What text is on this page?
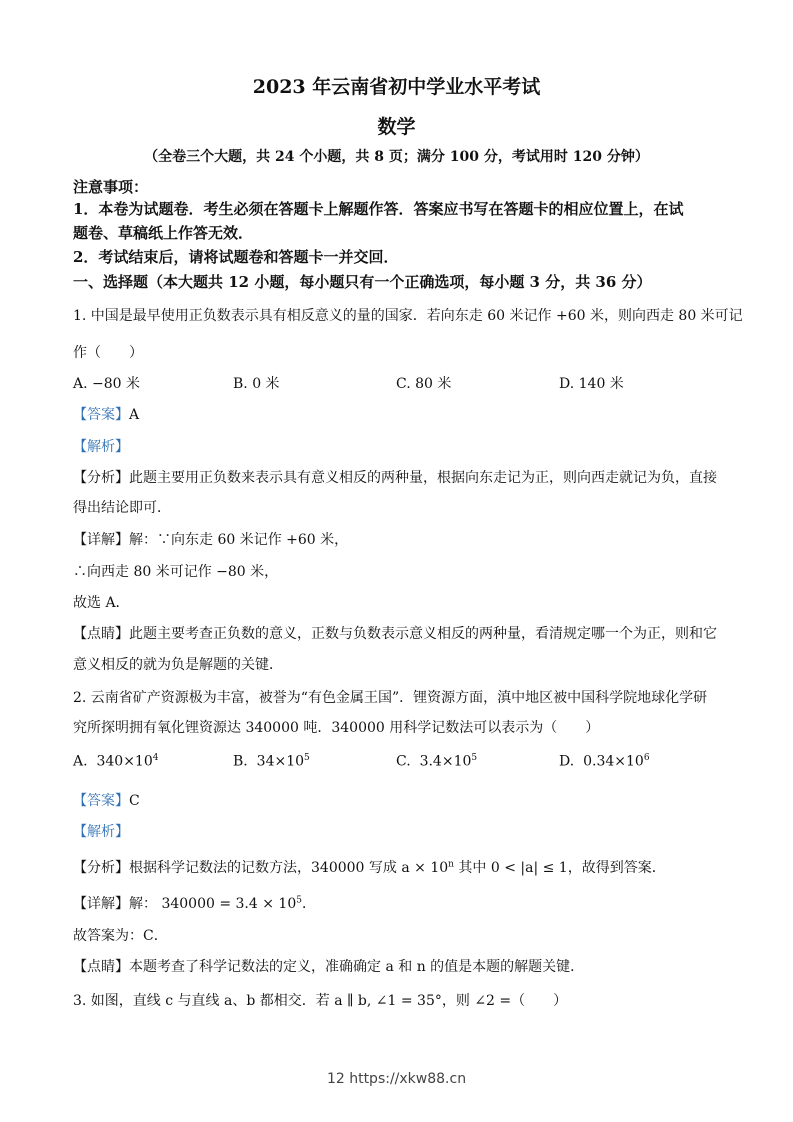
2023 年云南省初中学业水平考试
数学
（全卷三个大题，共 24 个小题，共 8 页；满分 100 分，考试用时 120 分钟）
注意事项：
1．本卷为试题卷．考生必须在答题卡上解题作答．答案应书写在答题卡的相应位置上，在试
题卷、草稿纸上作答无效．
2．考试结束后，请将试题卷和答题卡一并交回．
一、选择题（本大题共 12 小题，每小题只有一个正确选项，每小题 3 分，共 36 分）
1. 中国是最早使用正负数表示具有相反意义的量的国家．若向东走 60 米记作 +60 米，则向西走 80 米可记
作（　　）
A. −80 米	B. 0 米	C. 80 米	D. 140 米
【答案】A
【解析】
【分析】此题主要用正负数来表示具有意义相反的两种量，根据向东走记为正，则向西走就记为负，直接
得出结论即可．
【详解】解：∵向东走 60 米记作 +60 米，
∴向西走 80 米可记作 −80 米，
故选 A．
【点睛】此题主要考查正负数的意义，正数与负数表示意义相反的两种量，看清规定哪一个为正，则和它
意义相反的就为负是解题的关键．
2. 云南省矿产资源极为丰富，被誉为“有色金属王国”．锂资源方面，滇中地区被中国科学院地球化学研
究所探明拥有氧化锂资源达 340000 吨．340000 用科学记数法可以表示为（　　）
A. $340\times 10^4$	B. $34\times 10^5$	C. $3.4\times 10^5$	D. $0.34\times 10^6$
【答案】C
【解析】
【分析】根据科学记数法的记数方法，340000 写成 $a \times 10^n$ 其中 0 < |a| ≤ 1，故得到答案．
【详解】解： $340000 = 3.4 \times 10^5$．
故答案为：C．
【点睛】本题考查了科学记数法的定义，准确确定 a 和 n 的值是本题的解题关键．
3. 如图，直线 c 与直线 a、b 都相交．若 a ∥ b, ∠1 = 35°，则 ∠2 =（　　）
12 https://xkw88.cn
